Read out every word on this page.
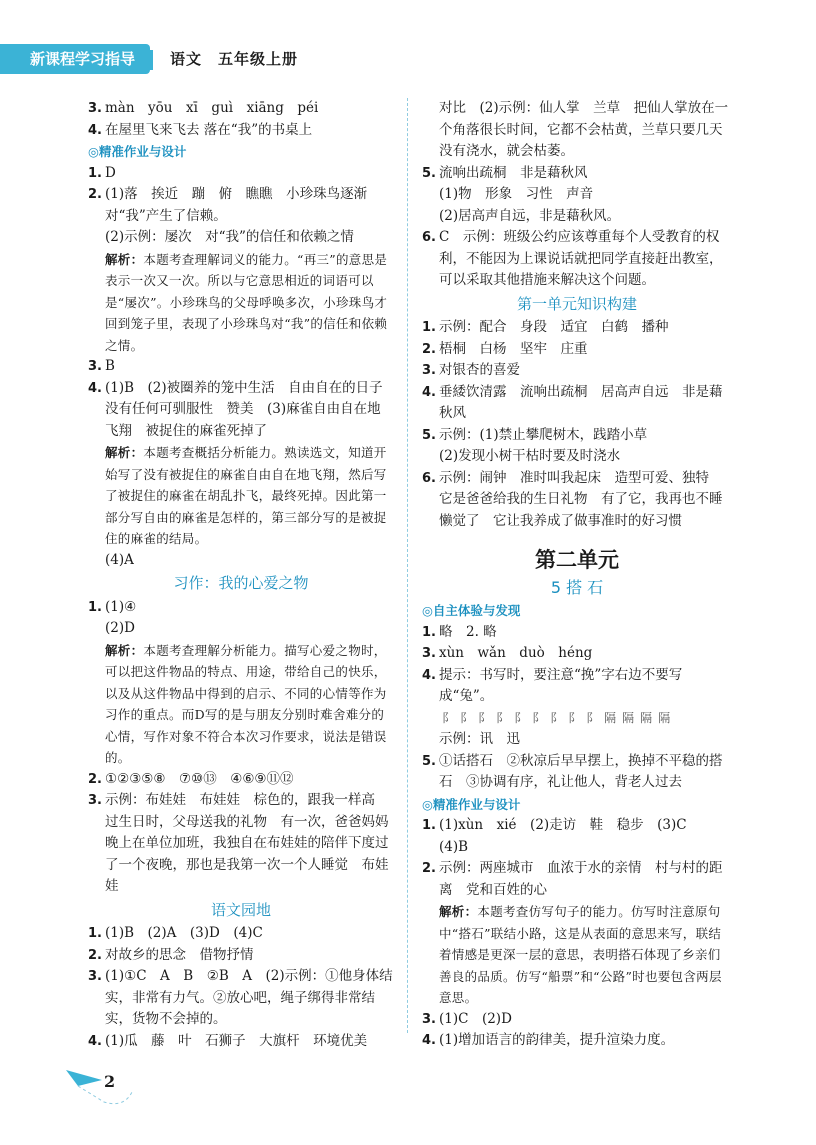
新课程学习指导	语文　五年级上册
3. màn　yōu　xī　guì　xiāng　péi
4. 在屋里飞来飞去 落在“我”的书桌上
◎精准作业与设计
1. D
2. (1)落　挨近　蹦　俯　瞧瞧　小珍珠鸟逐渐对“我”产生了信赖。
(2)示例：屡次　对“我”的信任和依赖之情
解析：本题考查理解词义的能力。“再三”的意思是表示一次又一次。所以与它意思相近的词语可以是“屡次”。小珍珠鸟的父母呼唤多次，小珍珠鸟才回到笼子里，表现了小珍珠鸟对“我”的信任和依赖之情。
3. B
4. (1)B　(2)被圈养的笼中生活　自由自在的日子　没有任何可驯服性　赞美　(3)麻雀自由自在地飞翔　被捉住的麻雀死掉了
解析：本题考查概括分析能力。熟读选文，知道开始写了没有被捉住的麻雀自由自在地飞翔，然后写了被捉住的麻雀在胡乱扑飞，最终死掉。因此第一部分写自由的麻雀是怎样的，第三部分写的是被捉住的麻雀的结局。
(4)A
习作：我的心爱之物
1. (1)④
(2)D
解析：本题考查理解分析能力。描写心爱之物时，可以把这件物品的特点、用途，带给自己的快乐，以及从这件物品中得到的启示、不同的心情等作为习作的重点。而D写的是与朋友分别时难舍难分的心情，写作对象不符合本次习作要求，说法是错误的。
2. ①②③⑤⑧　⑦⑩⑬　④⑥⑨⑪⑫
3. 示例：布娃娃　布娃娃　棕色的，跟我一样高　过生日时，父母送我的礼物　有一次，爸爸妈妈晚上在单位加班，我独自在布娃娃的陪伴下度过了一个夜晚，那也是我第一次一个人睡觉　布娃娃
语文园地
1. (1)B　(2)A　(3)D　(4)C
2. 对故乡的思念　借物抒情
3. (1)①C　A　B　②B　A　(2)示例：①他身体结实，非常有力气。②放心吧，绳子绑得非常结实，货物不会掉的。
4. (1)瓜　藤　叶　石狮子　大旗杆　环境优美
对比　(2)示例：仙人掌　兰草　把仙人掌放在一个角落很长时间，它都不会枯黄，兰草只要几天没有浇水，就会枯萎。
5. 流响出疏桐　非是藉秋风
(1)物　形象　习性　声音
(2)居高声自远，非是藉秋风。
6. C　示例：班级公约应该尊重每个人受教育的权利，不能因为上课说话就把同学直接赶出教室，可以采取其他措施来解决这个问题。
第一单元知识构建
1. 示例：配合　身段　适宜　白鹤　播种
2. 梧桐　白杨　坚牢　庄重
3. 对银杏的喜爱
4. 垂緌饮清露　流响出疏桐　居高声自远　非是藉秋风
5. 示例：(1)禁止攀爬树木，践踏小草
(2)发现小树干枯时要及时浇水
6. 示例：闹钟　准时叫我起床　造型可爱、独特　它是爸爸给我的生日礼物　有了它，我再也不睡懒觉了　它让我养成了做事准时的好习惯
第二单元
5 搭 石
◎自主体验与发现
1. 略　2. 略
3. xùn　wǎn　duò　héng
4. 提示：书写时，要注意“挽”字右边不要写成“兔”。
阝 阝 阝 阝 阝 阝 阝 阝 阝 隔 隔 隔 隔
示例：讯　迅
5. ①话搭石　②秋凉后早早摆上，换掉不平稳的搭石　③协调有序，礼让他人，背老人过去
◎精准作业与设计
1. (1)xùn　xié　(2)走访　鞋　稳步　(3)C
(4)B
2. 示例：两座城市　血浓于水的亲情　村与村的距离　党和百姓的心
解析：本题考查仿写句子的能力。仿写时注意原句中“搭石”联结小路，这是从表面的意思来写，联结着情感是更深一层的意思，表明搭石体现了乡亲们善良的品质。仿写“船票”和“公路”时也要包含两层意思。
3. (1)C　(2)D
4. (1)增加语言的韵律美，提升渲染力度。
2
